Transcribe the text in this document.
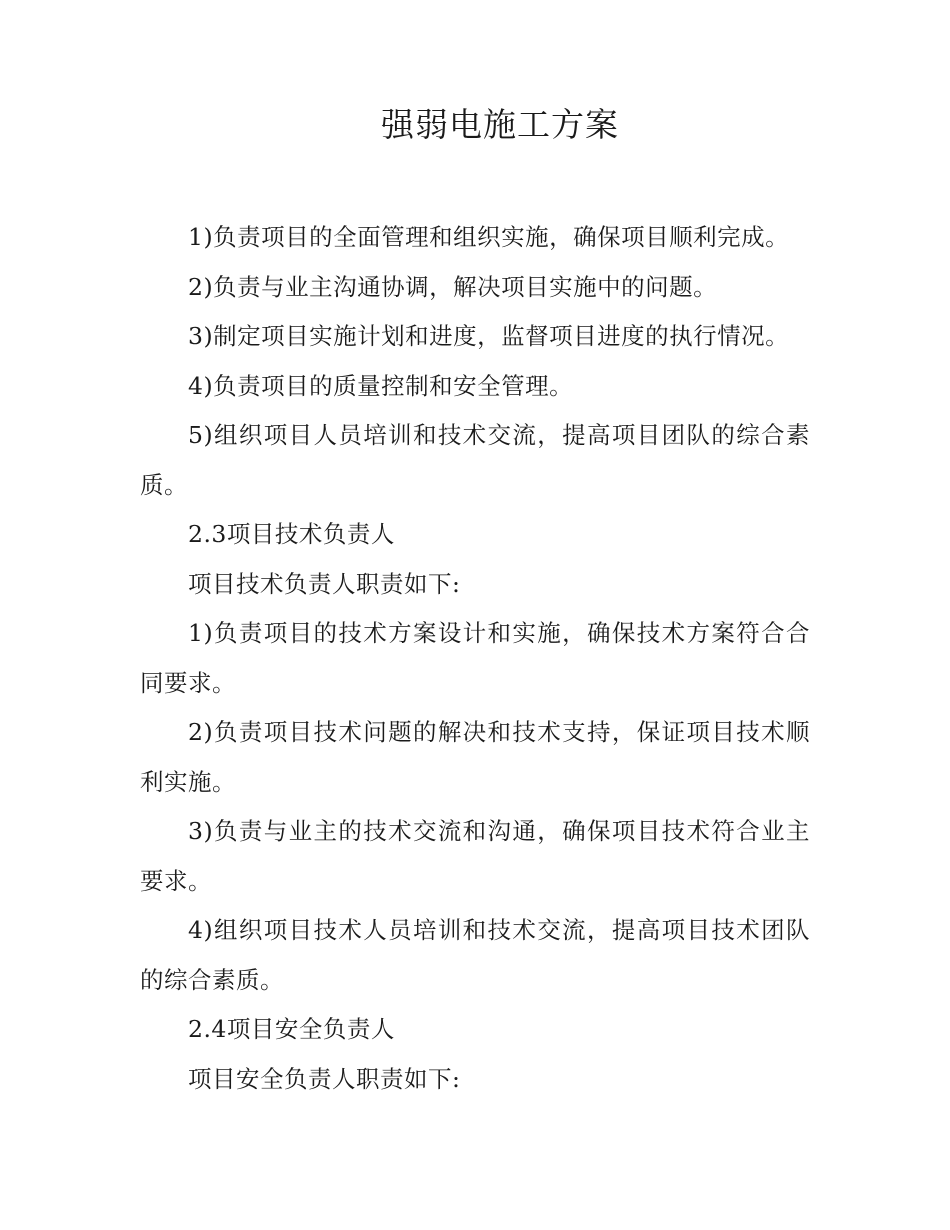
强弱电施工方案

1)负责项目的全面管理和组织实施，确保项目顺利完成。

2)负责与业主沟通协调，解决项目实施中的问题。

3)制定项目实施计划和进度，监督项目进度的执行情况。

4)负责项目的质量控制和安全管理。

5)组织项目人员培训和技术交流，提高项目团队的综合素质。

2.3项目技术负责人

项目技术负责人职责如下:

1)负责项目的技术方案设计和实施，确保技术方案符合合同要求。

2)负责项目技术问题的解决和技术支持，保证项目技术顺利实施。

3)负责与业主的技术交流和沟通，确保项目技术符合业主要求。

4)组织项目技术人员培训和技术交流，提高项目技术团队的综合素质。

2.4项目安全负责人

项目安全负责人职责如下:
